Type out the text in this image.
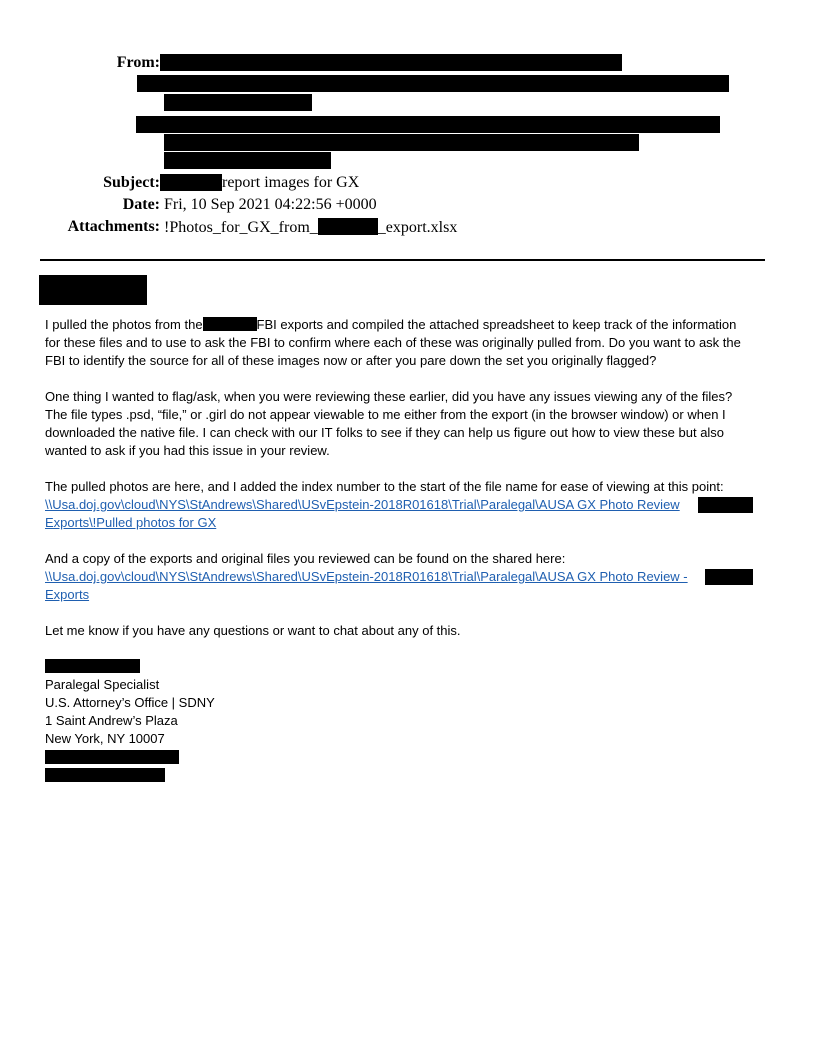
From:
Subject:	report images for GX
Date: Fri, 10 Sep 2021 04:22:56 +0000
Attachments: !Photos_for_GX_from_	_export.xlsx
I pulled the photos from the	FBI exports and compiled the attached spreadsheet to keep track of the information
for these files and to use to ask the FBI to confirm where each of these was originally pulled from. Do you want to ask the
FBI to identify the source for all of these images now or after you pare down the set you originally flagged?
One thing I wanted to flag/ask, when you were reviewing these earlier, did you have any issues viewing any of the files?
The file types .psd, “file,” or .girl do not appear viewable to me either from the export (in the browser window) or when I
downloaded the native file. I can check with our IT folks to see if they can help us figure out how to view these but also
wanted to ask if you had this issue in your review.
The pulled photos are here, and I added the index number to the start of the file name for ease of viewing at this point:
\\Usa.doj.gov\cloud\NYS\StAndrews\Shared\USvEpstein-2018R01618\Trial\Paralegal\AUSA GX Photo Review
Exports\!Pulled photos for GX
And a copy of the exports and original files you reviewed can be found on the shared here:
\\Usa.doj.gov\cloud\NYS\StAndrews\Shared\USvEpstein-2018R01618\Trial\Paralegal\AUSA GX Photo Review -
Exports
Let me know if you have any questions or want to chat about any of this.
Paralegal Specialist
U.S. Attorney’s Office | SDNY
1 Saint Andrew’s Plaza
New York, NY 10007
